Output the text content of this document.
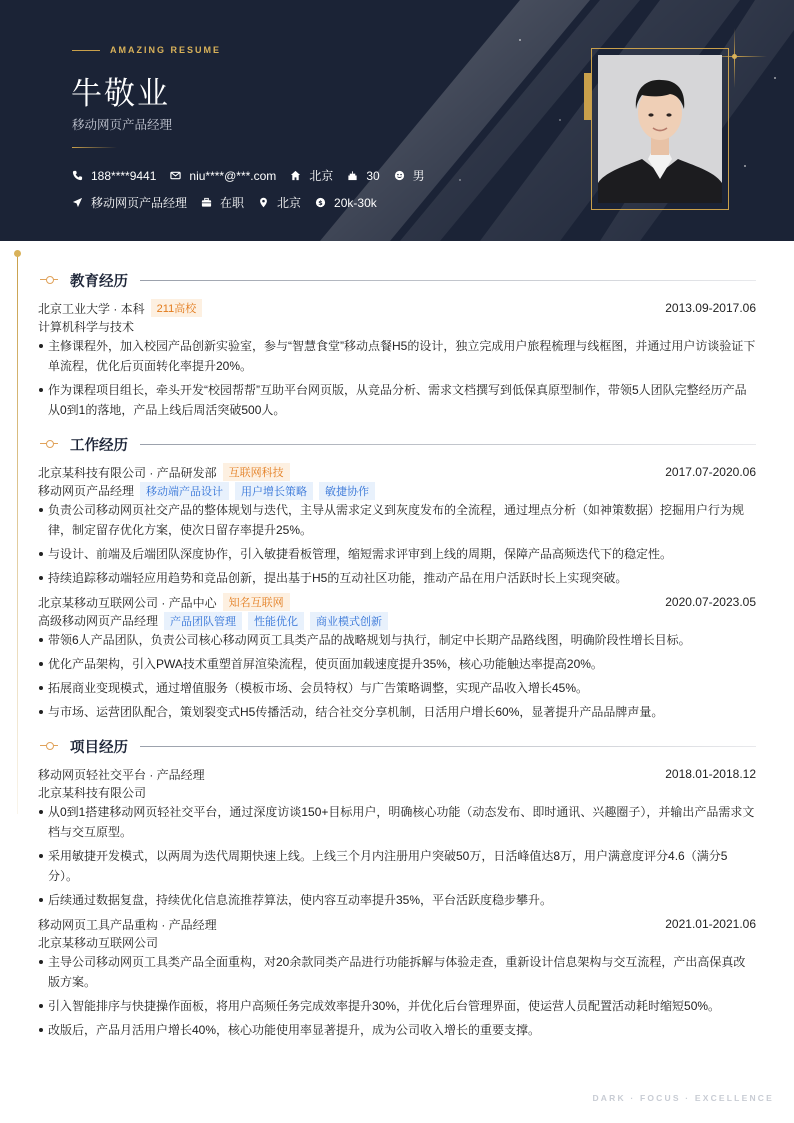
AMAZING RESUME
牛敬业
移动网页产品经理
188****9441	niu****@***.com	北京	30	男
移动网页产品经理	在职	北京 $ 20k-30k
教育经历
北京工业大学 · 本科	211高校	2013.09-2017.06
计算机科学与技术
主修课程外，加入校园产品创新实验室，参与“智慧食堂”移动点餐H5的设计，独立完成用户旅程梳理与线框图，并通过用户访谈验证下单流程，优化后页面转化率提升20%。
作为课程项目组长，牵头开发“校园帮帮”互助平台网页版，从竞品分析、需求文档撰写到低保真原型制作，带领5人团队完整经历产品从0到1的落地，产品上线后周活突破500人。
工作经历
北京某科技有限公司 · 产品研发部	互联网科技	2017.07-2020.06
移动网页产品经理	移动端产品设计	用户增长策略	敏捷协作
负责公司移动网页社交产品的整体规划与迭代，主导从需求定义到灰度发布的全流程，通过埋点分析（如神策数据）挖掘用户行为规律，制定留存优化方案，使次日留存率提升25%。
与设计、前端及后端团队深度协作，引入敏捷看板管理，缩短需求评审到上线的周期，保障产品高频迭代下的稳定性。
持续追踪移动端轻应用趋势和竞品创新，提出基于H5的互动社区功能，推动产品在用户活跃时长上实现突破。
北京某移动互联网公司 · 产品中心	知名互联网	2020.07-2023.05
高级移动网页产品经理	产品团队管理	性能优化	商业模式创新
带领6人产品团队，负责公司核心移动网页工具类产品的战略规划与执行，制定中长期产品路线图，明确阶段性增长目标。
优化产品架构，引入PWA技术重塑首屏渲染流程，使页面加载速度提升35%，核心功能触达率提高20%。
拓展商业变现模式，通过增值服务（模板市场、会员特权）与广告策略调整，实现产品收入增长45%。
与市场、运营团队配合，策划裂变式H5传播活动，结合社交分享机制，日活用户增长60%，显著提升产品品牌声量。
项目经历
移动网页轻社交平台 · 产品经理	2018.01-2018.12
北京某科技有限公司
从0到1搭建移动网页轻社交平台，通过深度访谈150+目标用户，明确核心功能（动态发布、即时通讯、兴趣圈子），并输出产品需求文档与交互原型。
采用敏捷开发模式，以两周为迭代周期快速上线。上线三个月内注册用户突破50万，日活峰值达8万，用户满意度评分4.6（满分5分）。
后续通过数据复盘，持续优化信息流推荐算法，使内容互动率提升35%，平台活跃度稳步攀升。
移动网页工具产品重构 · 产品经理	2021.01-2021.06
北京某移动互联网公司
主导公司移动网页工具类产品全面重构，对20余款同类产品进行功能拆解与体验走查，重新设计信息架构与交互流程，产出高保真改版方案。
引入智能排序与快捷操作面板，将用户高频任务完成效率提升30%，并优化后台管理界面，使运营人员配置活动耗时缩短50%。
改版后，产品月活用户增长40%，核心功能使用率显著提升，成为公司收入增长的重要支撑。
DARK · FOCUS · EXCELLENCE
